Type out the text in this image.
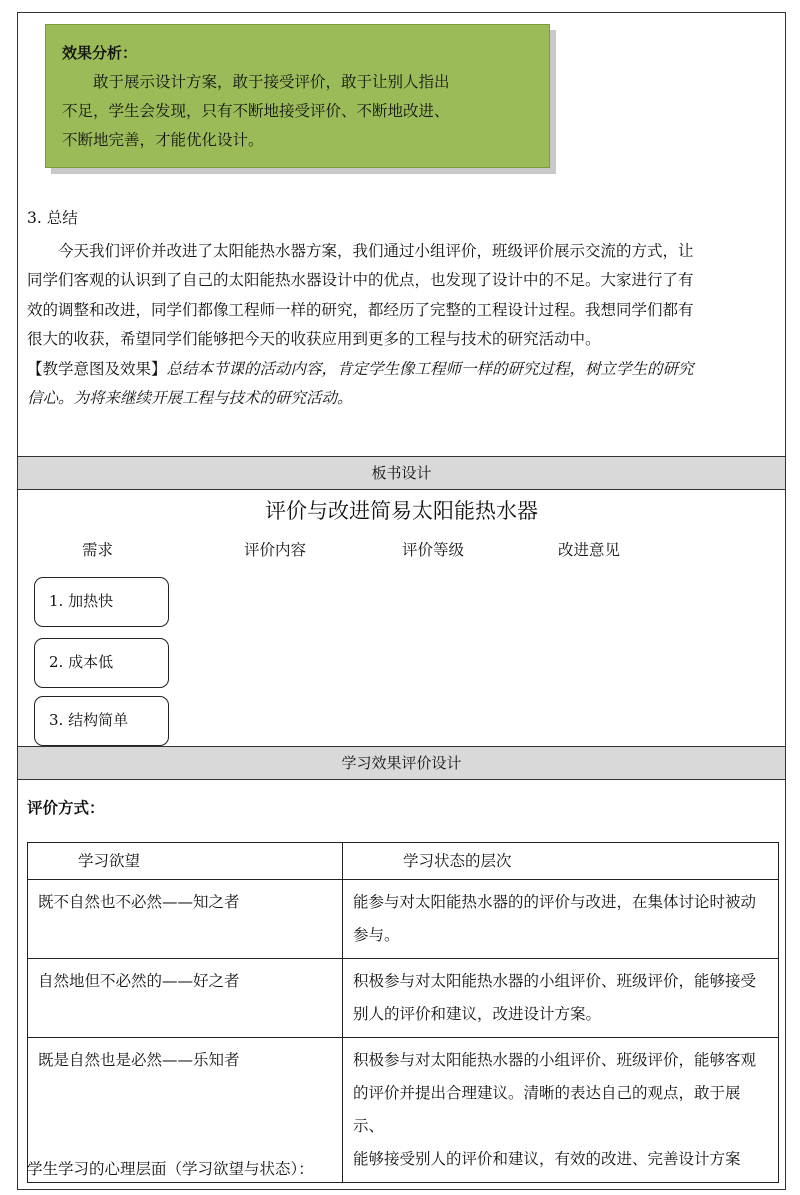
效果分析：
敢于展示设计方案，敢于接受评价，敢于让别人指出
不足，学生会发现，只有不断地接受评价、不断地改进、
不断地完善，才能优化设计。
3. 总结
今天我们评价并改进了太阳能热水器方案，我们通过小组评价，班级评价展示交流的方式，让
同学们客观的认识到了自己的太阳能热水器设计中的优点，也发现了设计中的不足。大家进行了有
效的调整和改进，同学们都像工程师一样的研究，都经历了完整的工程设计过程。我想同学们都有
很大的收获，希望同学们能够把今天的收获应用到更多的工程与技术的研究活动中。
【教学意图及效果】总结本节课的活动内容，肯定学生像工程师一样的研究过程，树立学生的研究
信心。为将来继续开展工程与技术的研究活动。
板书设计
评价与改进简易太阳能热水器
需求	评价内容	评价等级	改进意见
1. 加热快
2. 成本低
3. 结构简单
学习效果评价设计
评价方式：
学习欲望	学习状态的层次
既不自然也不必然——知之者	能参与对太阳能热水器的的评价与改进，在集体讨论时被动
参与。

自然地但不必然的——好之者	积极参与对太阳能热水器的小组评价、班级评价，能够接受
别人的评价和建议，改进设计方案。

既是自然也是必然——乐知者	积极参与对太阳能热水器的小组评价、班级评价，能够客观
的评价并提出合理建议。清晰的表达自己的观点，敢于展示、
能够接受别人的评价和建议，有效的改进、完善设计方案
学生学习的心理层面（学习欲望与状态）：
